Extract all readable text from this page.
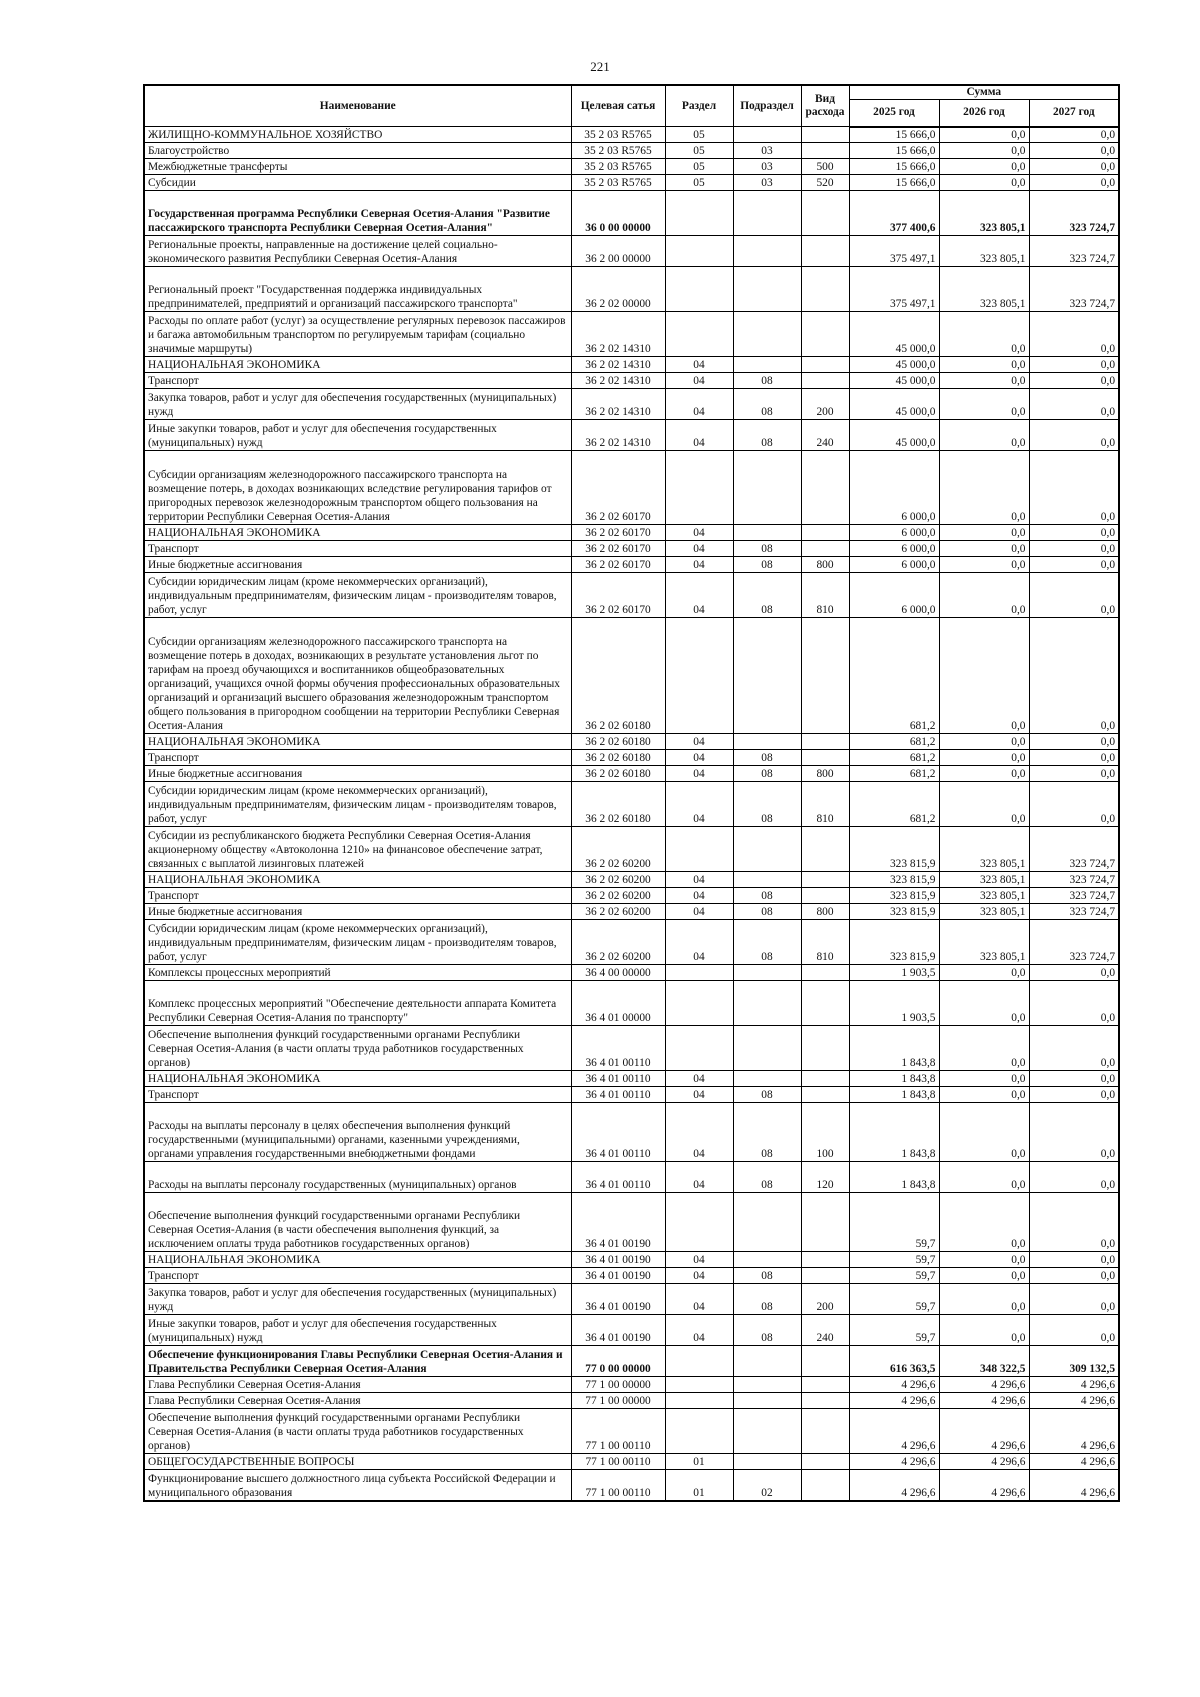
221
Наименование	Целевая сатья	Раздел	Подраздел	Вид расхода	Сумма		
					2025 год	2026 год	2027 год
ЖИЛИЩНО-КОММУНАЛЬНОЕ ХОЗЯЙСТВО	35 2 03 R5765	05			15 666,0	0,0	0,0
Благоустройство	35 2 03 R5765	05	03		15 666,0	0,0	0,0
Межбюджетные трансферты	35 2 03 R5765	05	03	500	15 666,0	0,0	0,0
Субсидии	35 2 03 R5765	05	03	520	15 666,0	0,0	0,0
Государственная программа Республики Северная Осетия-Алания "Развитие пассажирского транспорта Республики Северная Осетия-Алания"	36 0 00 00000				377 400,6	323 805,1	323 724,7
Региональные проекты, направленные на достижение целей социально-экономического развития Республики Северная Осетия-Алания	36 2 00 00000				375 497,1	323 805,1	323 724,7
Региональный проект "Государственная поддержка индивидуальных предпринимателей, предприятий и организаций пассажирского транспорта"	36 2 02 00000				375 497,1	323 805,1	323 724,7
Расходы по оплате работ (услуг) за осуществление регулярных перевозок пассажиров и багажа автомобильным транспортом по регулируемым тарифам (социально значимые маршруты)	36 2 02 14310				45 000,0	0,0	0,0
НАЦИОНАЛЬНАЯ ЭКОНОМИКА	36 2 02 14310	04			45 000,0	0,0	0,0
Транспорт	36 2 02 14310	04	08		45 000,0	0,0	0,0
Закупка товаров, работ и услуг для обеспечения государственных (муниципальных) нужд	36 2 02 14310	04	08	200	45 000,0	0,0	0,0
Иные закупки товаров, работ и услуг для обеспечения государственных (муниципальных) нужд	36 2 02 14310	04	08	240	45 000,0	0,0	0,0
Субсидии организациям железнодорожного пассажирского транспорта на возмещение потерь, в доходах возникающих вследствие регулирования тарифов от пригородных перевозок железнодорожным транспортом общего пользования на территории Республики Северная Осетия-Алания	36 2 02 60170				6 000,0	0,0	0,0
НАЦИОНАЛЬНАЯ ЭКОНОМИКА	36 2 02 60170	04			6 000,0	0,0	0,0
Транспорт	36 2 02 60170	04	08		6 000,0	0,0	0,0
Иные бюджетные ассигнования	36 2 02 60170	04	08	800	6 000,0	0,0	0,0
Субсидии юридическим лицам (кроме некоммерческих организаций), индивидуальным предпринимателям, физическим лицам - производителям товаров, работ, услуг	36 2 02 60170	04	08	810	6 000,0	0,0	0,0
Субсидии организациям железнодорожного пассажирского транспорта на возмещение потерь в доходах, возникающих в результате установления льгот по тарифам на проезд обучающихся и воспитанников общеобразовательных организаций, учащихся очной формы обучения профессиональных образовательных организаций и организаций высшего образования железнодорожным транспортом общего пользования в пригородном сообщении на территории Республики Северная Осетия-Алания	36 2 02 60180				681,2	0,0	0,0
НАЦИОНАЛЬНАЯ ЭКОНОМИКА	36 2 02 60180	04			681,2	0,0	0,0
Транспорт	36 2 02 60180	04	08		681,2	0,0	0,0
Иные бюджетные ассигнования	36 2 02 60180	04	08	800	681,2	0,0	0,0
Субсидии юридическим лицам (кроме некоммерческих организаций), индивидуальным предпринимателям, физическим лицам - производителям товаров, работ, услуг	36 2 02 60180	04	08	810	681,2	0,0	0,0
Субсидии из республиканского бюджета Республики Северная Осетия-Алания акционерному обществу «Автоколонна 1210» на финансовое обеспечение затрат, связанных с выплатой лизинговых платежей	36 2 02 60200				323 815,9	323 805,1	323 724,7
НАЦИОНАЛЬНАЯ ЭКОНОМИКА	36 2 02 60200	04			323 815,9	323 805,1	323 724,7
Транспорт	36 2 02 60200	04	08		323 815,9	323 805,1	323 724,7
Иные бюджетные ассигнования	36 2 02 60200	04	08	800	323 815,9	323 805,1	323 724,7
Субсидии юридическим лицам (кроме некоммерческих организаций), индивидуальным предпринимателям, физическим лицам - производителям товаров, работ, услуг	36 2 02 60200	04	08	810	323 815,9	323 805,1	323 724,7
Комплексы процессных мероприятий	36 4 00 00000				1 903,5	0,0	0,0
Комплекс процессных мероприятий "Обеспечение деятельности аппарата Комитета Республики Северная Осетия-Алания по транспорту"	36 4 01 00000				1 903,5	0,0	0,0
Обеспечение выполнения функций государственными органами Республики Северная Осетия-Алания (в части оплаты труда работников государственных органов)	36 4 01 00110				1 843,8	0,0	0,0
НАЦИОНАЛЬНАЯ ЭКОНОМИКА	36 4 01 00110	04			1 843,8	0,0	0,0
Транспорт	36 4 01 00110	04	08		1 843,8	0,0	0,0
Расходы на выплаты персоналу в целях обеспечения выполнения функций государственными (муниципальными) органами, казенными учреждениями, органами управления государственными внебюджетными фондами	36 4 01 00110	04	08	100	1 843,8	0,0	0,0
Расходы на выплаты персоналу государственных (муниципальных) органов	36 4 01 00110	04	08	120	1 843,8	0,0	0,0
Обеспечение выполнения функций государственными органами Республики Северная Осетия-Алания (в части обеспечения выполнения функций, за исключением оплаты труда работников государственных органов)	36 4 01 00190				59,7	0,0	0,0
НАЦИОНАЛЬНАЯ ЭКОНОМИКА	36 4 01 00190	04			59,7	0,0	0,0
Транспорт	36 4 01 00190	04	08		59,7	0,0	0,0
Закупка товаров, работ и услуг для обеспечения государственных (муниципальных) нужд	36 4 01 00190	04	08	200	59,7	0,0	0,0
Иные закупки товаров, работ и услуг для обеспечения государственных (муниципальных) нужд	36 4 01 00190	04	08	240	59,7	0,0	0,0
Обеспечение функционирования Главы Республики Северная Осетия-Алания и Правительства Республики Северная Осетия-Алания	77 0 00 00000				616 363,5	348 322,5	309 132,5
Глава Республики Северная Осетия-Алания	77 1 00 00000				4 296,6	4 296,6	4 296,6
Глава Республики Северная Осетия-Алания	77 1 00 00000				4 296,6	4 296,6	4 296,6
Обеспечение выполнения функций государственными органами Республики Северная Осетия-Алания (в части оплаты труда работников государственных органов)	77 1 00 00110				4 296,6	4 296,6	4 296,6
ОБЩЕГОСУДАРСТВЕННЫЕ ВОПРОСЫ	77 1 00 00110	01			4 296,6	4 296,6	4 296,6
Функционирование высшего должностного лица субъекта Российской Федерации и муниципального образования	77 1 00 00110	01	02		4 296,6	4 296,6	4 296,6
